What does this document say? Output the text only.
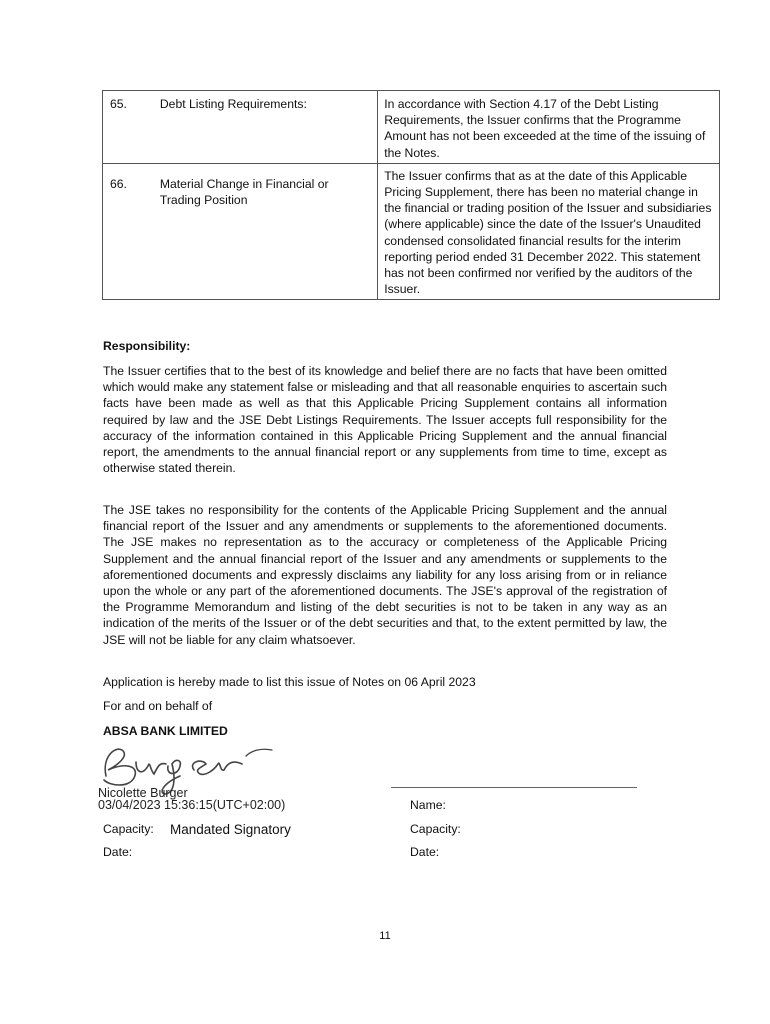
65.	Debt Listing Requirements:	In accordance with Section 4.17 of the Debt Listing Requirements, the Issuer confirms that the Programme Amount has not been exceeded at the time of the issuing of the Notes.
66.	Material Change in Financial or Trading Position	The Issuer confirms that as at the date of this Applicable Pricing Supplement, there has been no material change in the financial or trading position of the Issuer and subsidiaries (where applicable) since the date of the Issuer's Unaudited condensed consolidated financial results for the interim reporting period ended 31 December 2022. This statement has not been confirmed nor verified by the auditors of the Issuer.
Responsibility:

The Issuer certifies that to the best of its knowledge and belief there are no facts that have been omitted which would make any statement false or misleading and that all reasonable enquiries to ascertain such facts have been made as well as that this Applicable Pricing Supplement contains all information required by law and the JSE Debt Listings Requirements. The Issuer accepts full responsibility for the accuracy of the information contained in this Applicable Pricing Supplement and the annual financial report, the amendments to the annual financial report or any supplements from time to time, except as otherwise stated therein.

The JSE takes no responsibility for the contents of the Applicable Pricing Supplement and the annual financial report of the Issuer and any amendments or supplements to the aforementioned documents. The JSE makes no representation as to the accuracy or completeness of the Applicable Pricing Supplement and the annual financial report of the Issuer and any amendments or supplements to the aforementioned documents and expressly disclaims any liability for any loss arising from or in reliance upon the whole or any part of the aforementioned documents. The JSE's approval of the registration of the Programme Memorandum and listing of the debt securities is not to be taken in any way as an indication of the merits of the Issuer or of the debt securities and that, to the extent permitted by law, the JSE will not be liable for any claim whatsoever.

Application is hereby made to list this issue of Notes on 06 April 2023

For and on behalf of

ABSA BANK LIMITED
Nicolette Burger
03/04/2023 15:36:15(UTC+02:00)
Capacity: Mandated Signatory
Date:
Name:
Capacity:
Date:
11
